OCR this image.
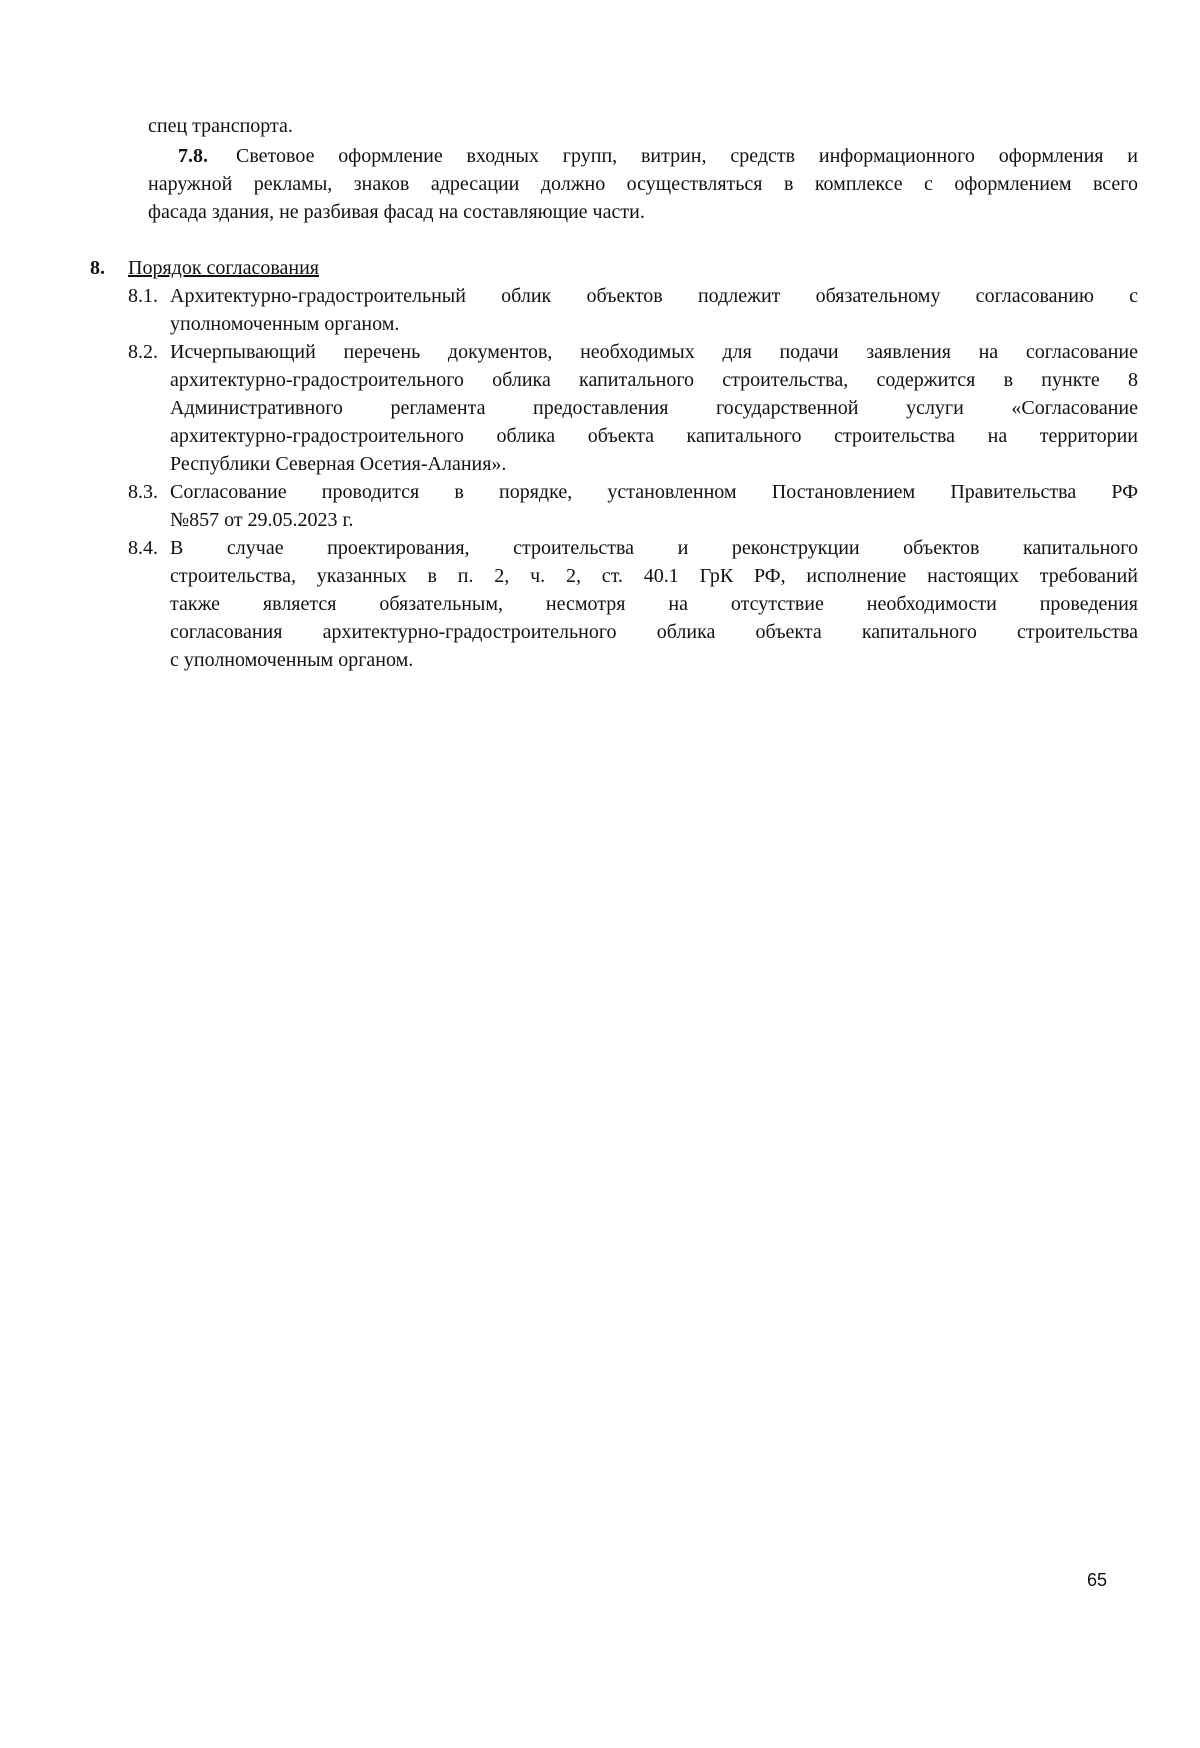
спец транспорта.
7.8. Световое оформление входных групп, витрин, средств информационного оформления и
наружной рекламы, знаков адресации должно осуществляться в комплексе с оформлением всего
фасада здания, не разбивая фасад на составляющие части.
8. Порядок согласования
8.1. Архитектурно-градостроительный облик объектов подлежит обязательному согласованию с
уполномоченным органом.
8.2. Исчерпывающий перечень документов, необходимых для подачи заявления на согласование
архитектурно-градостроительного облика капитального строительства, содержится в пункте 8
Административного регламента предоставления государственной услуги «Согласование
архитектурно-градостроительного облика объекта капитального строительства на территории
Республики Северная Осетия-Алания».
8.3. Согласование проводится в порядке, установленном Постановлением Правительства РФ
№857 от 29.05.2023 г.
8.4. В случае проектирования, строительства и реконструкции объектов капитального
строительства, указанных в п. 2, ч. 2, ст. 40.1 ГрК РФ, исполнение настоящих требований
также является обязательным, несмотря на отсутствие необходимости проведения
согласования архитектурно-градостроительного облика объекта капитального строительства
с уполномоченным органом.
65
